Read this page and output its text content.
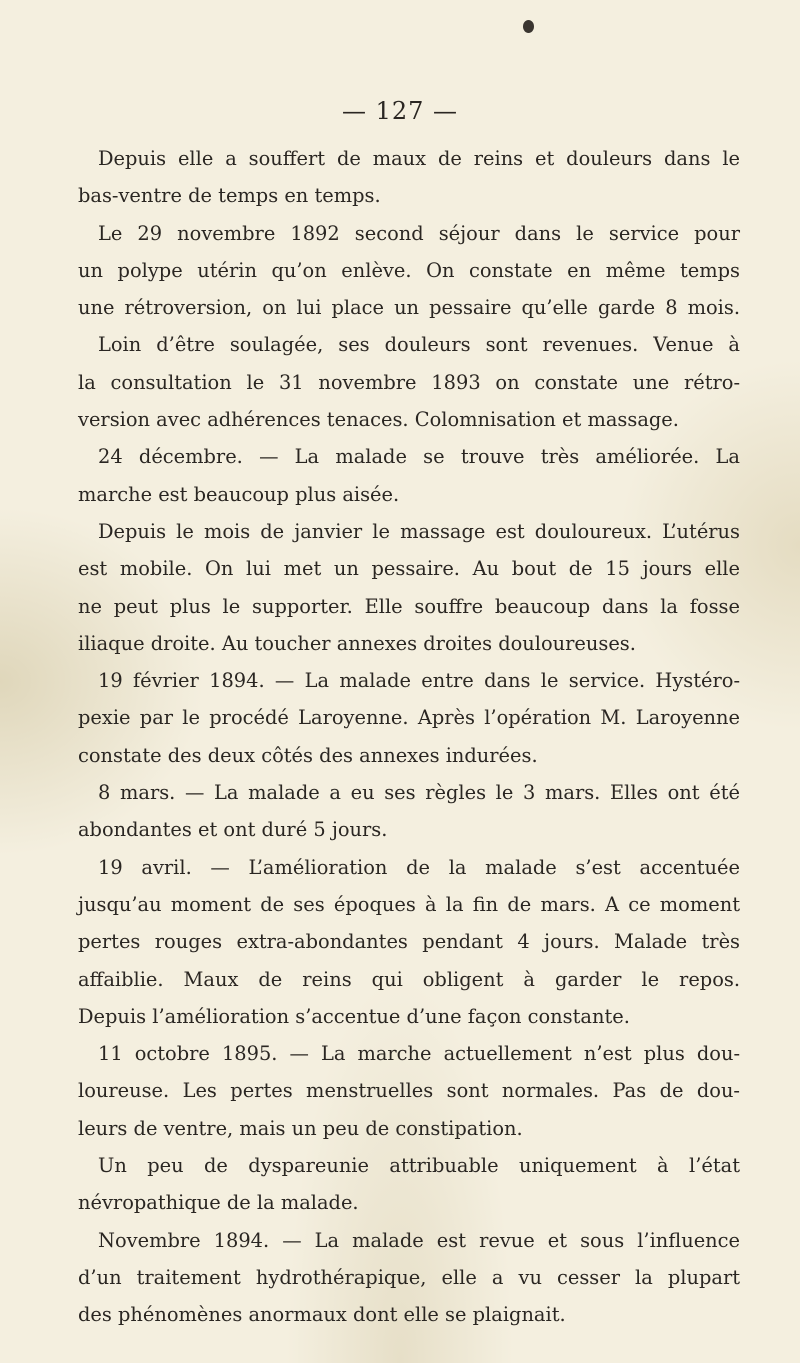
— 127 —
Depuis elle a souffert de maux de reins et douleurs dans le
bas-ventre de temps en temps.
Le 29 novembre 1892 second séjour dans le service pour
un polype utérin qu’on enlève. On constate en même temps
une rétroversion, on lui place un pessaire qu’elle garde 8 mois.
Loin d’être soulagée, ses douleurs sont revenues. Venue à
la consultation le 31 novembre 1893 on constate une rétro-
version avec adhérences tenaces. Colomnisation et massage.
24 décembre. — La malade se trouve très améliorée. La
marche est beaucoup plus aisée.
Depuis le mois de janvier le massage est douloureux. L’utérus
est mobile. On lui met un pessaire. Au bout de 15 jours elle
ne peut plus le supporter. Elle souffre beaucoup dans la fosse
iliaque droite. Au toucher annexes droites douloureuses.
19 février 1894. — La malade entre dans le service. Hystéro-
pexie par le procédé Laroyenne. Après l’opération M. Laroyenne
constate des deux côtés des annexes indurées.
8 mars. — La malade a eu ses règles le 3 mars. Elles ont été
abondantes et ont duré 5 jours.
19 avril. — L’amélioration de la malade s’est accentuée
jusqu’au moment de ses époques à la fin de mars. A ce moment
pertes rouges extra-abondantes pendant 4 jours. Malade très
affaiblie. Maux de reins qui obligent à garder le repos.
Depuis l’amélioration s’accentue d’une façon constante.
11 octobre 1895. — La marche actuellement n’est plus dou-
loureuse. Les pertes menstruelles sont normales. Pas de dou-
leurs de ventre, mais un peu de constipation.
Un peu de dyspareunie attribuable uniquement à l’état
névropathique de la malade.
Novembre 1894. — La malade est revue et sous l’influence
d’un traitement hydrothérapique, elle a vu cesser la plupart
des phénomènes anormaux dont elle se plaignait.
